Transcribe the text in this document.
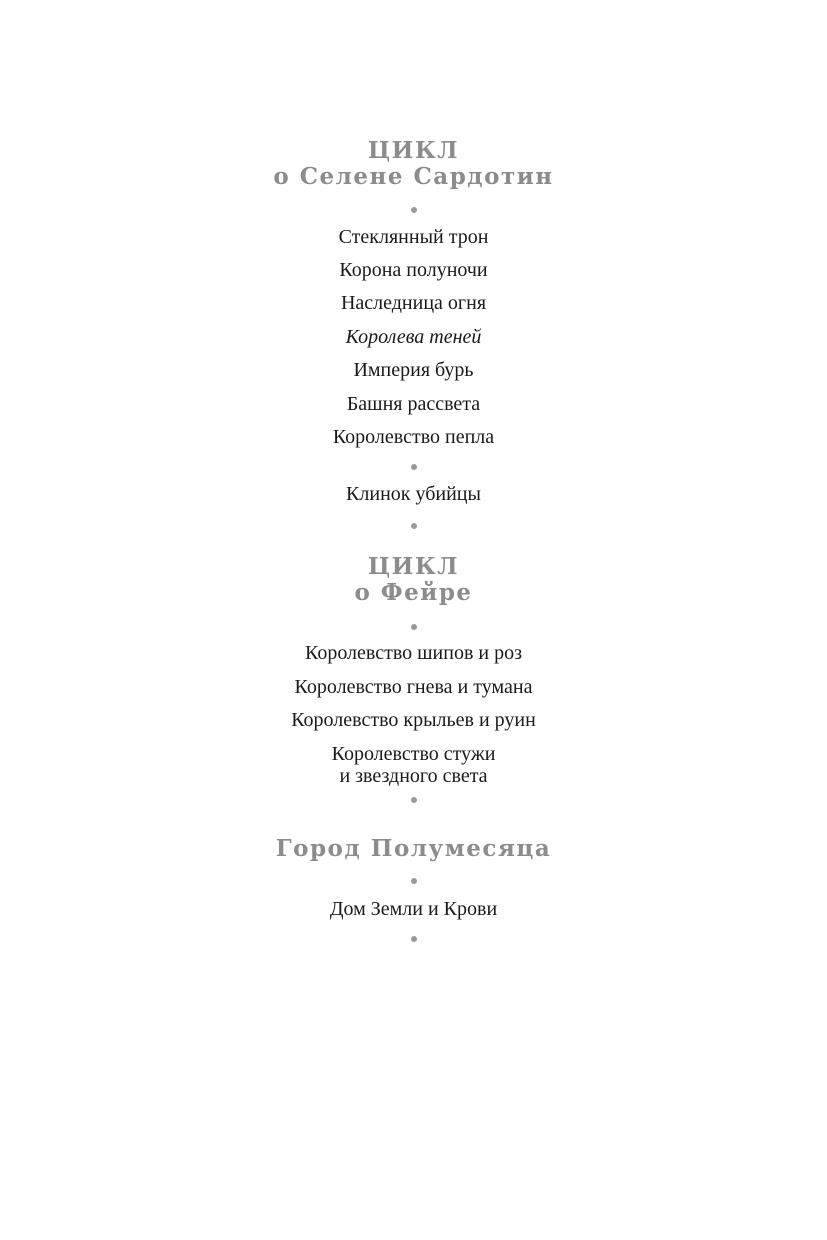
ЦИКЛ
о Селене Сардотин
Стеклянный трон
Корона полуночи
Наследница огня
Королева теней
Империя бурь
Башня рассвета
Королевство пепла
Клинок убийцы
ЦИКЛ
о Фейре
Королевство шипов и роз
Королевство гнева и тумана
Королевство крыльев и руин
Королевство стужи
и звездного света
Город Полумесяца
Дом Земли и Крови
